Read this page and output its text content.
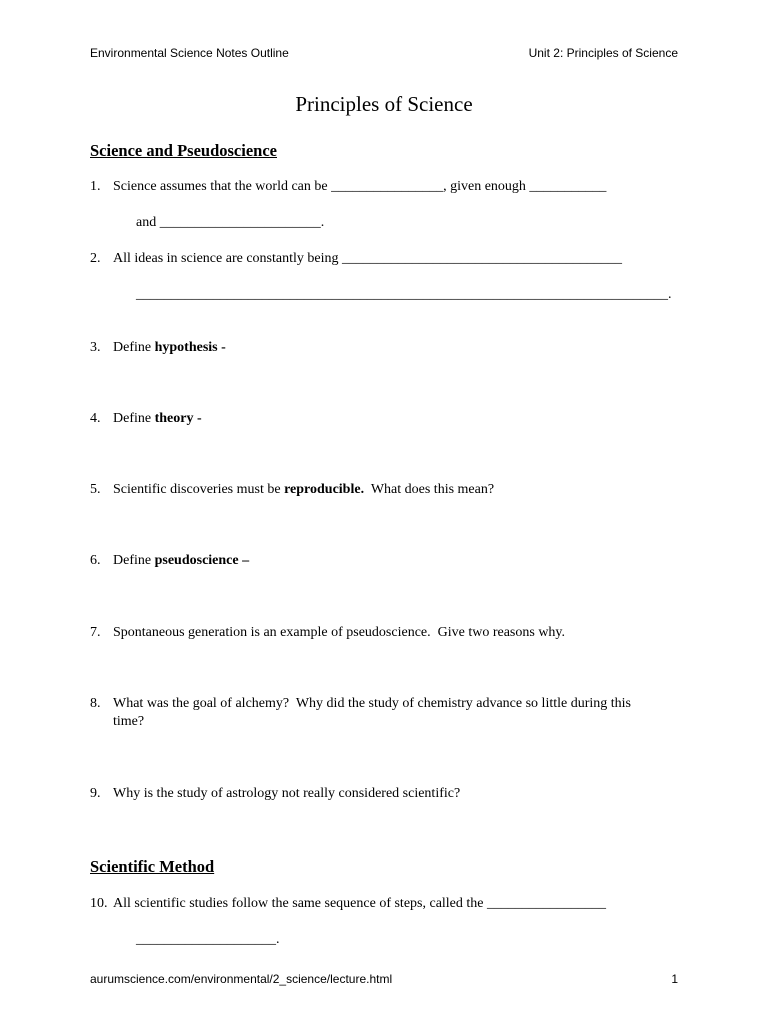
Environmental Science Notes Outline	Unit 2: Principles of Science
Principles of Science
Science and Pseudoscience
1. Science assumes that the world can be ________________, given enough ___________
and _______________________.
2. All ideas in science are constantly being ________________________________________
____________________________________________________________________________.
3. Define hypothesis -
4. Define theory -
5. Scientific discoveries must be reproducible.  What does this mean?
6. Define pseudoscience –
7. Spontaneous generation is an example of pseudoscience.  Give two reasons why.
8. What was the goal of alchemy?  Why did the study of chemistry advance so little during this
time?
9. Why is the study of astrology not really considered scientific?
Scientific Method
10. All scientific studies follow the same sequence of steps, called the _________________
____________________.
aurumscience.com/environmental/2_science/lecture.html	1
